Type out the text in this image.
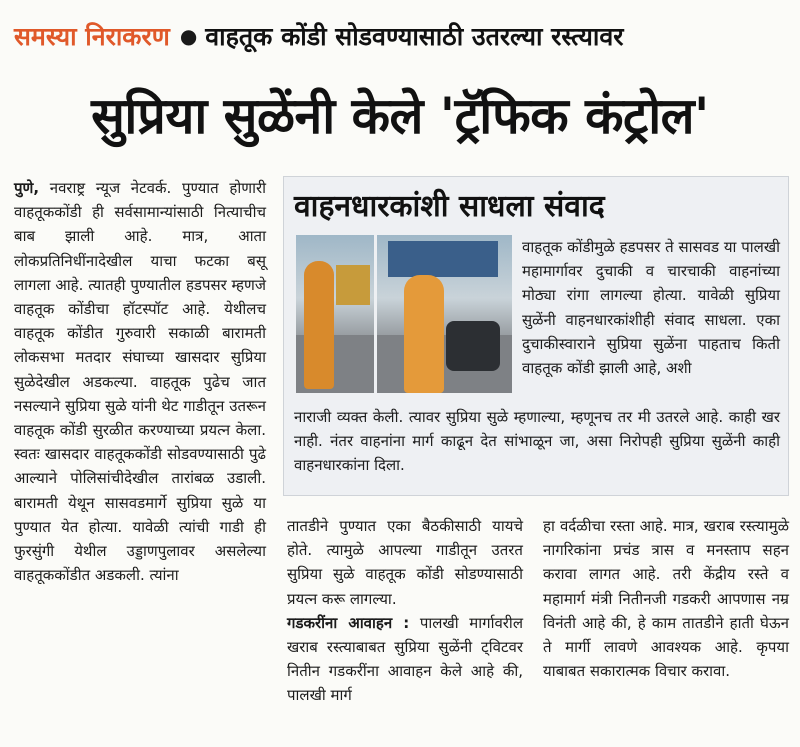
समस्या निराकरण ● वाहतूक कोंडी सोडवण्यासाठी उतरल्या रस्त्यावर
सुप्रिया सुळेंनी केले 'ट्रॅफिक कंट्रोल'

पुणे, नवराष्ट्र न्यूज नेटवर्क. पुण्यात होणारी वाहतूककोंडी ही सर्वसामान्यांसाठी नित्याचीच बाब झाली आहे. मात्र, आता लोकप्रतिनिधींनादेखील याचा फटका बसू लागला आहे. त्यातही पुण्यातील हडपसर म्हणजे वाहतूक कोंडीचा हॉटस्पॉट आहे. येथीलच वाहतूक कोंडीत गुरुवारी सकाळी बारामती लोकसभा मतदार संघाच्या खासदार सुप्रिया सुळेदेखील अडकल्या. वाहतूक पुढेच जात नसल्याने सुप्रिया सुळे यांनी थेट गाडीतून उतरून वाहतूक कोंडी सुरळीत करण्याच्या प्रयत्न केला. स्वतः खासदार वाहतूककोंडी सोडवण्यासाठी पुढे आल्याने पोलिसांचीदेखील तारांबळ उडाली. बारामती येथून सासवडमार्गे सुप्रिया सुळे या पुण्यात येत होत्या. यावेळी त्यांची गाडी ही फुरसुंगी येथील उड्डाणपुलावर असलेल्या वाहतूककोंडीत अडकली. त्यांना

वाहनधारकांशी साधला संवाद

वाहतूक कोंडीमुळे हडपसर ते सासवड या पालखी महामार्गावर दुचाकी व चारचाकी वाहनांच्या मोठ्या रांगा लागल्या होत्या. यावेळी सुप्रिया सुळेंनी वाहनधारकांशीही संवाद साधला. एका दुचाकीस्वाराने सुप्रिया सुळेंना पाहताच किती वाहतूक कोंडी झाली आहे, अशी

नाराजी व्यक्त केली. त्यावर सुप्रिया सुळे म्हणाल्या, म्हणूनच तर मी उतरले आहे. काही खर नाही. नंतर वाहनांना मार्ग काढून देत सांभाळून जा, असा निरोपही सुप्रिया सुळेंनी काही वाहनधारकांना दिला.

तातडीने पुण्यात एका बैठकीसाठी यायचे होते. त्यामुळे आपल्या गाडीतून उतरत सुप्रिया सुळे वाहतूक कोंडी सोडण्यासाठी प्रयत्न करू लागल्या.

गडकरींना आवाहन : पालखी मार्गावरील खराब रस्त्याबाबत सुप्रिया सुळेंनी ट्विटवर नितीन गडकरींना आवाहन केले आहे की, पालखी मार्ग

हा वर्दळीचा रस्ता आहे. मात्र, खराब रस्त्यामुळे नागरिकांना प्रचंड त्रास व मनस्ताप सहन करावा लागत आहे. तरी केंद्रीय रस्ते व महामार्ग मंत्री नितीनजी गडकरी आपणास नम्र विनंती आहे की, हे काम तातडीने हाती घेऊन ते मार्गी लावणे आवश्यक आहे. कृपया याबाबत सकारात्मक विचार करावा.
